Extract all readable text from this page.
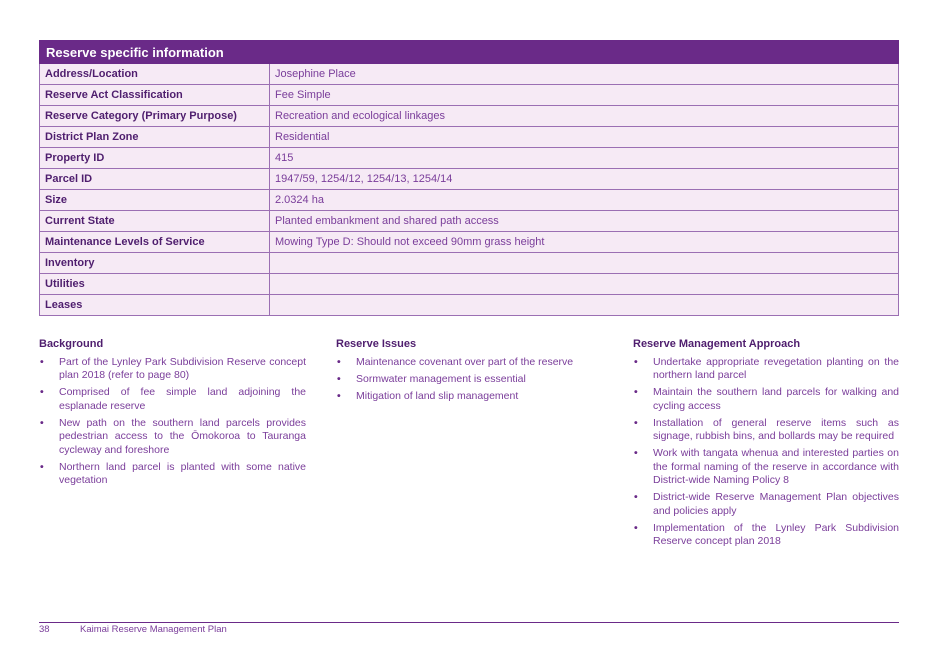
Reserve specific information	
Address/Location	Josephine Place
Reserve Act Classification	Fee Simple
Reserve Category (Primary Purpose)	Recreation and ecological linkages
District Plan Zone	Residential
Property ID	415
Parcel ID	1947/59, 1254/12, 1254/13, 1254/14
Size	2.0324 ha
Current State	Planted embankment and shared path access
Maintenance Levels of Service	Mowing Type D: Should not exceed 90mm grass height
Inventory	
Utilities	
Leases	
Background
• Part of the Lynley Park Subdivision Reserve concept plan 2018 (refer to page 80)
• Comprised of fee simple land adjoining the esplanade reserve
• New path on the southern land parcels provides pedestrian access to the Ōmokoroa to Tauranga cycleway and foreshore
• Northern land parcel is planted with some native vegetation
Reserve Issues
• Maintenance covenant over part of the reserve
• Sormwater management is essential
• Mitigation of land slip management
Reserve Management Approach
• Undertake appropriate revegetation planting on the northern land parcel
• Maintain the southern land parcels for walking and cycling access
• Installation of general reserve items such as signage, rubbish bins, and bollards may be required
• Work with tangata whenua and interested parties on the formal naming of the reserve in accordance with District-wide Naming Policy 8
• District-wide Reserve Management Plan objectives and policies apply
• Implementation of the Lynley Park Subdivision Reserve concept plan 2018
38	Kaimai Reserve Management Plan
